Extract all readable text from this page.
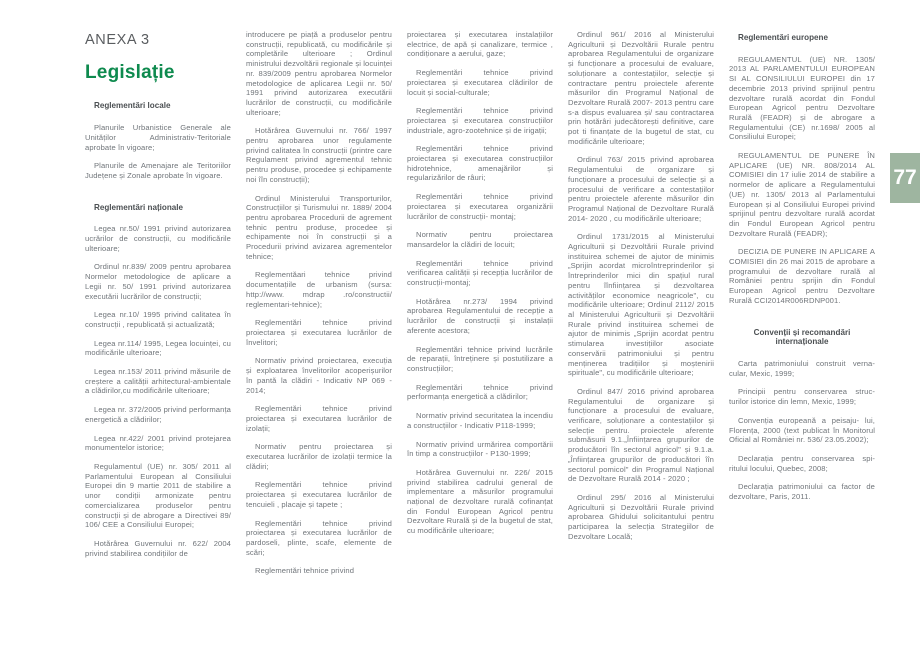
ANEXA 3
Legislație
Reglementări locale

Planurile Urbanistice Generale ale Unităților Administrativ-Teritoriale aprobate în vigoare;

Planurile de Amenajare ale Teritoriilor Județene și Zonale aprobate în vigoare.

Reglementări naționale

Legea nr.50/ 1991 privind autorizarea ucrărilor de construcții, cu modificările ulterioare;

Ordinul nr.839/ 2009 pentru aprobarea Normelor metodologice de aplicare a Legii nr. 50/ 1991 privind autorizarea executării lucrărilor de construcții;

Legea nr.10/ 1995 privind calitatea în construcții , republicată și actualizată;

Legea nr.114/ 1995, Legea locuinței, cu modificările ulterioare;

Legea nr.153/ 2011 privind măsurile de creștere a calității arhitectural-ambientale a clădirilor,cu modificările ulterioare;

Legea nr. 372/2005 privind performanța energetică a clădirilor;

Legea nr.422/ 2001 privind protejarea monumentelor istorice;

Regulamentul (UE) nr. 305/ 2011 al Parlamentului European al Consiliului Europei din 9 martie 2011 de stabilire a unor condiții armonizate pentru comercializarea produselor pentru construcții și de abrogare a Directivei 89/ 106/ CEE a Consiliului Europei;

Hotărârea Guvernului nr. 622/ 2004 privind stabilirea condițiilor de

introducere pe piață a produselor pentru construcții, republicată, cu modificările și completările ulterioare ; Ordinul ministrului dezvoltării regionale și locuinței nr. 839/2009 pentru aprobarea Normelor metodologice de aplicarea Legii nr. 50/ 1991 privind autorizarea executării lucrărilor de construcții, cu modificările ulterioare;

Hotărârea Guvernului nr. 766/ 1997 pentru aprobarea unor regulamente privind calitatea în construcții (printre care Regulament privind agrementul tehnic pentru produse, procedee și echipamente noi îîn construcții);

Ordinul Ministerului Transporturilor, Construcțiilor și Turismului nr. 1889/ 2004 pentru aprobarea Procedurii de agrement tehnic pentru produse, procedee și echipamente noi în construcții și a Procedurii privind avizarea agrementelor tehnice;

Reglementăari tehnice privind documentațiile de urbanism (sursa: http://www. mdrap .ro/constructii/ reglementari-tehnice);

Reglementări tehnice privind proiectarea și executarea lucrărilor de învelitori;

Normativ privind proiectarea, execuția și exploatarea învelitorilor acoperișurilor în pantă la clădiri - Indicativ NP 069 - 2014;

Reglementări tehnice privind proiectarea și executarea lucrărilor de izolații;

Normativ pentru proiectarea și executarea lucrărilor de izolații termice la clădiri;

Reglementări tehnice privind proiectarea și executarea lucrărilor de tencuieli , placaje și tapete ;

Reglementări tehnice privind proiectarea și executarea lucrărilor de pardoseli, plinte, scafe, elemente de scări;

Reglementări tehnice privind

proiectarea și executarea instalațiilor electrice, de apă și canalizare, termice , condiționare a aerului, gaze;

Reglementări tehnice privind proiectarea și executarea clădirilor de locuit și social-culturale;

Reglementări tehnice privind proiectarea și executarea construcțiilor industriale, agro-zootehnice și de irigații;

Reglementări tehnice privind proiectarea și executarea construcțiilor hidrotehnice, amenajărilor și regularizărilor de râuri;

Reglementări tehnice privind proiectarea și executarea organizării lucrărilor de construcții- montaj;

Normativ pentru proiectarea mansardelor la clădiri de locuit;

Reglementări tehnice privind verificarea calității și recepția lucrărilor de construcții-montaj;

Hotărârea nr.273/ 1994 privind aprobarea Regulamentului de recepție a lucrărilor de construcții și instalații aferente acestora;

Reglementări tehnice privind lucrările de reparații, întreținere și postutilizare a construcțiilor;

Reglementări tehnice privind performanța energetică a clădirilor;

Normativ privind securitatea la incendiu a construcțiilor - Indicativ P118-1999;

Normativ privind urmărirea comportării în timp a construcțiilor - P130-1999;

Hotărârea Guvernului nr. 226/ 2015 privind stabilirea cadrului general de implementare a măsurilor programului național de dezvoltare rurală cofinanțat din Fondul European Agricol pentru Dezvoltare Rurală și de la bugetul de stat, cu modificările ulterioare;

Ordinul 961/ 2016 al Ministerului Agriculturii și Dezvoltării Rurale pentru aprobarea Regulamentului de organizare și funcționare a procesului de evaluare, soluționare a contestațiilor, selecție și contractare pentru proiectele aferente măsurilor din Programul Național de Dezvoltare Rurală 2007- 2013 pentru care s-a dispus evaluarea și/ sau contractarea prin hotărâri judecătorești definitive, care pot ti finanțate de la bugetul de stat, cu modificările ulterioare;

Ordinul 763/ 2015 privind aprobarea Regulamentului de organizare și funcționare a procesului de selecție și a procesului de verificare a contestațiilor pentru proiectele aferente măsurilor din Programul Național de Dezvoltare Rurală 2014- 2020 , cu modificările ulterioare;

Ordinul 1731/2015 al Ministerului Agriculturii și Dezvoltării Rurale privind instituirea schemei de ajutor de minimis „Sprijin acordat microîntreprinderilor și întreprinderilor mici din spațiul rural pentru îînființarea și dezvoltarea activităților economice neagricole", cu modificările ulterioare; Ordinul 2112/ 2015 al Ministerului Agriculturii și Dezvoltării Rurale privind instituirea schemei de ajutor de minimis „Sprijin acordat pentru stimularea investițiilor asociate conservării patrimoniului și pentru menținerea tradițiilor și moștenirii spirituale", cu modificările ulterioare;

Ordinul 847/ 2016 privind aprobarea Regulamentului de organizare și funcționare a procesului de evaluare, verificare, soluționare a contestațiilor și selecție pentru. proiectele aferente submăsurii 9.1.„Înființarea grupurilor de producători îîn sectorul agricol" și 9.1.a. „Înființarea grupurilor de producători îîn sectorul pomicol" din Programul Național de Dezvoltare Rurală 2014 - 2020 ;

Ordinul 295/ 2016 al Ministerului Agriculturii și Dezvoltării Rurale privind aprobarea Ghidului solicitantului pentru participarea la selecția Strategiilor de Dezvoltare Locală;

Reglementări europene

REGULAMENTUL (UE) NR. 1305/ 2013 AL PARLAMENTULUI EUROPEAN SI AL CONSILIULUI EUROPEI din 17 decembrie 2013 privind sprijinul pentru dezvoltare rurală acordat din Fondul European Agricol pentru Dezvoltare Rurală (FEADR) și de abrogare a Regulamentului (CE) nr.1698/ 2005 al Consiliului Europei;

REGULAMENTUL DE PUNERE ÎN APLICARE (UE) NR. 808/2014 AL COMISIEI din 17 iulie 2014 de stabilire a normelor de aplicare a Regulamentului (UE) nr. 1305/ 2013 al Parlamentului European și al Consiliului Europei privind sprijinul pentru dezvoltare rurală acordat din Fondul European Agricol pentru Dezvoltare Rurală (FEADR);

DECIZIA DE PUNERE IN APLICARE A COMISIEI din 26 mai 2015 de aprobare a programului de dezvoltare rurală al României pentru sprijin din Fondul European Agricol pentru Dezvoltare Rurală CCI2014R006RDNP001.

Convenții și recomandări internaționale

Carta patrimoniului construit verna- cular, Mexic, 1999;

Principii pentru conservarea struc- turilor istorice din lemn, Mexic, 1999;

Convenția europeană a peisaju- lui, Florența, 2000 (text publicat în Monitorul Oficial al României nr. 536/ 23.05.2002);

Declarația pentru conservarea spi- ritului locului, Quebec, 2008;

Declarația patrimoniului ca factor de dezvoltare, Paris, 2011.

77
